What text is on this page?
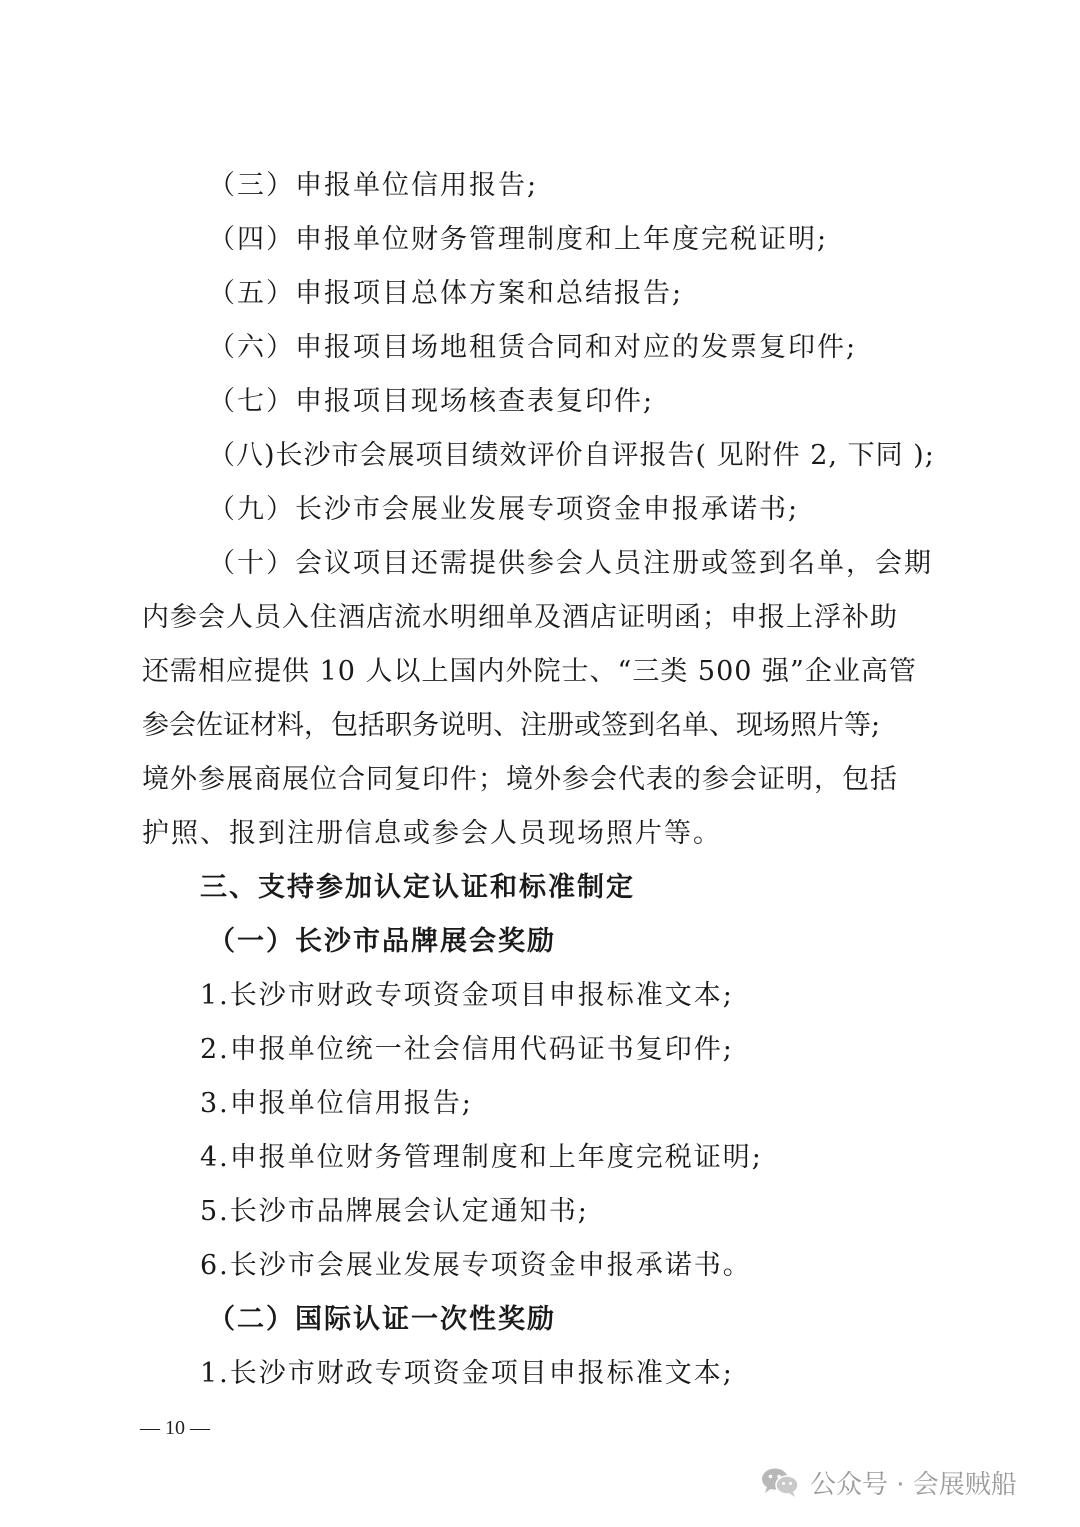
（三）申报单位信用报告;
（四）申报单位财务管理制度和上年度完税证明;
（五）申报项目总体方案和总结报告;
（六）申报项目场地租赁合同和对应的发票复印件;
（七）申报项目现场核查表复印件;
（八)长沙市会展项目绩效评价自评报告( 见附件 2, 下同 );
（九）长沙市会展业发展专项资金申报承诺书;
（十）会议项目还需提供参会人员注册或签到名单，会期
内参会人员入住酒店流水明细单及酒店证明函；申报上浮补助
还需相应提供 10 人以上国内外院士、“三类 500 强”企业高管
参会佐证材料，包括职务说明、注册或签到名单、现场照片等;
境外参展商展位合同复印件；境外参会代表的参会证明，包括
护照、报到注册信息或参会人员现场照片等。
三、支持参加认定认证和标准制定
（一）长沙市品牌展会奖励
1.长沙市财政专项资金项目申报标准文本;
2.申报单位统一社会信用代码证书复印件;
3.申报单位信用报告;
4.申报单位财务管理制度和上年度完税证明;
5.长沙市品牌展会认定通知书;
6.长沙市会展业发展专项资金申报承诺书。
（二）国际认证一次性奖励
1.长沙市财政专项资金项目申报标准文本;
— 10 —
公众号 · 会展贼船
